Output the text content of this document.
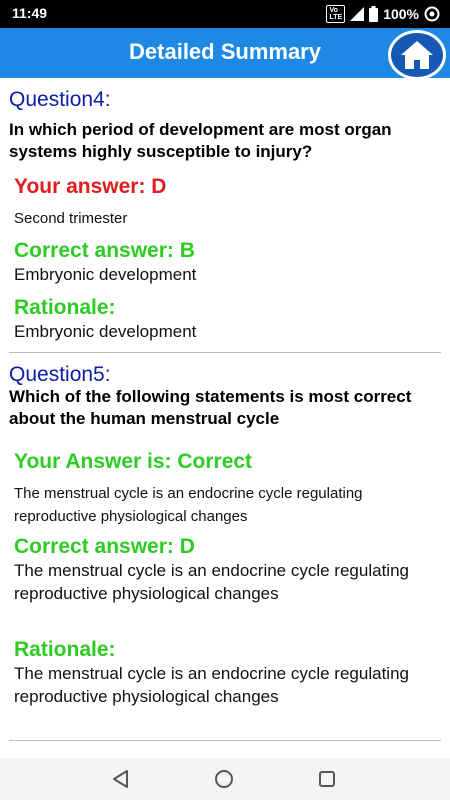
11:49	Vo
LTE	100%
Detailed Summary
Question4:
In which period of development are most organ systems highly susceptible to injury?
Your answer: D
Second trimester
Correct answer: B
Embryonic development
Rationale:
Embryonic development
Question5:
Which of the following statements is most correct about the human menstrual cycle
Your Answer is: Correct
The menstrual cycle is an endocrine cycle regulating reproductive physiological changes
Correct answer: D
The menstrual cycle is an endocrine cycle regulating reproductive physiological changes
Rationale:
The menstrual cycle is an endocrine cycle regulating reproductive physiological changes
